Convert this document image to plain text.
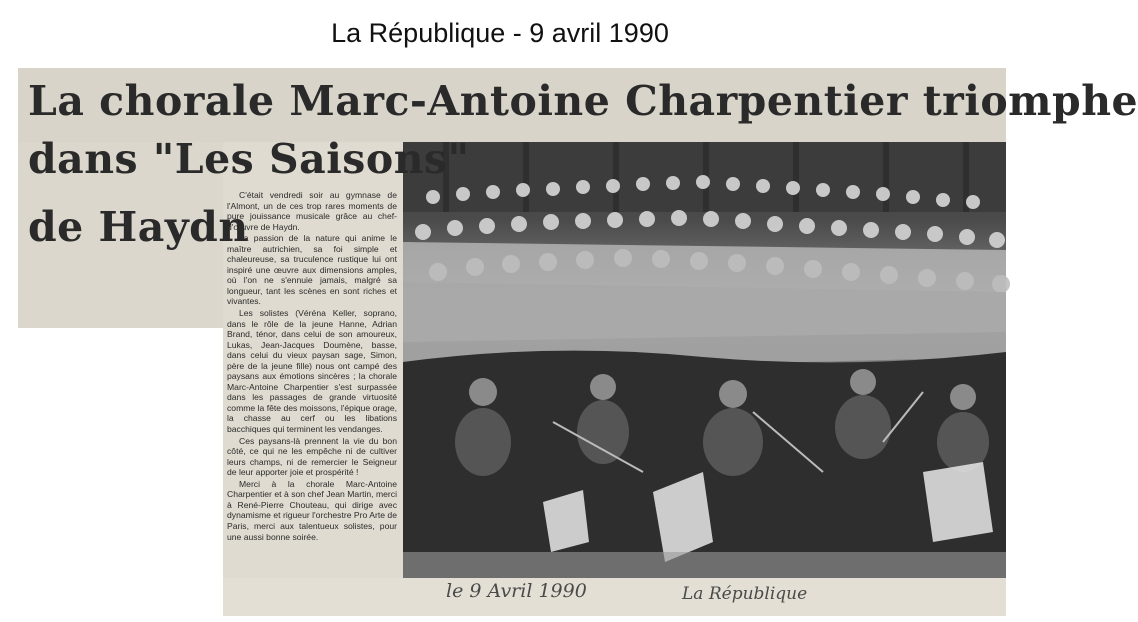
La République - 9 avril 1990
La chorale Marc-Antoine Charpentier triomphe
dans "Les Saisons"
de Haydn

C'était vendredi soir au gymnase de l'Almont, un de ces trop rares moments de pure jouissance musicale grâce au chef-d'œuvre de Haydn.

La passion de la nature qui anime le maître autrichien, sa foi simple et chaleureuse, sa truculence rustique lui ont inspiré une œuvre aux dimensions amples, où l'on ne s'ennuie jamais, malgré sa longueur, tant les scènes en sont riches et vivantes.

Les solistes (Véréna Keller, soprano, dans le rôle de la jeune Hanne, Adrian Brand, ténor, dans celui de son amoureux, Lukas, Jean-Jacques Doumène, basse, dans celui du vieux paysan sage, Simon, père de la jeune fille) nous ont campé des paysans aux émotions sincères ; la chorale Marc-Antoine Charpentier s'est surpassée dans les passages de grande virtuosité comme la fête des moissons, l'épique orage, la chasse au cerf ou les libations bacchiques qui terminent les vendanges.

Ces paysans-là prennent la vie du bon côté, ce qui ne les empêche ni de cultiver leurs champs, ni de remercier le Seigneur de leur apporter joie et prospérité !

Merci à la chorale Marc-Antoine Charpentier et à son chef Jean Martin, merci à René-Pierre Chouteau, qui dirige avec dynamisme et rigueur l'orchestre Pro Arte de Paris, merci aux talentueux solistes, pour une aussi bonne soirée.

le 9 Avril 1990	La République
